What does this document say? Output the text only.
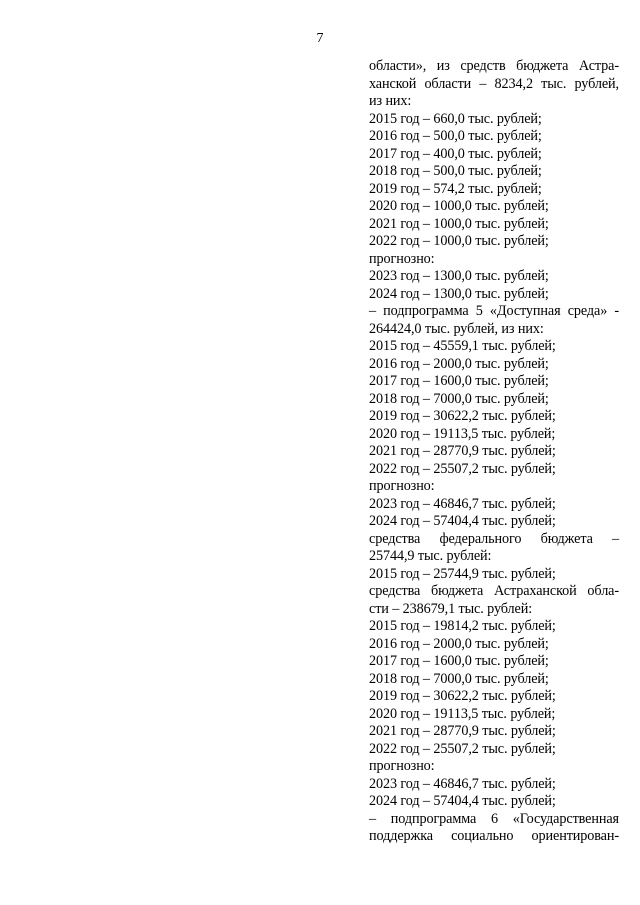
7
области», из средств бюджета Астра-
ханской области – 8234,2 тыс. рублей,
из них:
2015 год – 660,0 тыс. рублей;
2016 год – 500,0 тыс. рублей;
2017 год – 400,0 тыс. рублей;
2018 год – 500,0 тыс. рублей;
2019 год – 574,2 тыс. рублей;
2020 год – 1000,0 тыс. рублей;
2021 год – 1000,0 тыс. рублей;
2022 год – 1000,0 тыс. рублей;
прогнозно:
2023 год – 1300,0 тыс. рублей;
2024 год – 1300,0 тыс. рублей;
– подпрограмма 5 «Доступная среда» -
264424,0 тыс. рублей, из них:
2015 год – 45559,1 тыс. рублей;
2016 год – 2000,0 тыс. рублей;
2017 год – 1600,0 тыс. рублей;
2018 год – 7000,0 тыс. рублей;
2019 год – 30622,2 тыс. рублей;
2020 год – 19113,5 тыс. рублей;
2021 год – 28770,9 тыс. рублей;
2022 год – 25507,2 тыс. рублей;
прогнозно:
2023 год – 46846,7 тыс. рублей;
2024 год – 57404,4 тыс. рублей;
средства федерального бюджета –
25744,9 тыс. рублей:
2015 год – 25744,9 тыс. рублей;
средства бюджета Астраханской обла-
сти – 238679,1 тыс. рублей:
2015 год – 19814,2 тыс. рублей;
2016 год – 2000,0 тыс. рублей;
2017 год – 1600,0 тыс. рублей;
2018 год – 7000,0 тыс. рублей;
2019 год – 30622,2 тыс. рублей;
2020 год – 19113,5 тыс. рублей;
2021 год – 28770,9 тыс. рублей;
2022 год – 25507,2 тыс. рублей;
прогнозно:
2023 год – 46846,7 тыс. рублей;
2024 год – 57404,4 тыс. рублей;
– подпрограмма 6 «Государственная
поддержка социально ориентирован-
